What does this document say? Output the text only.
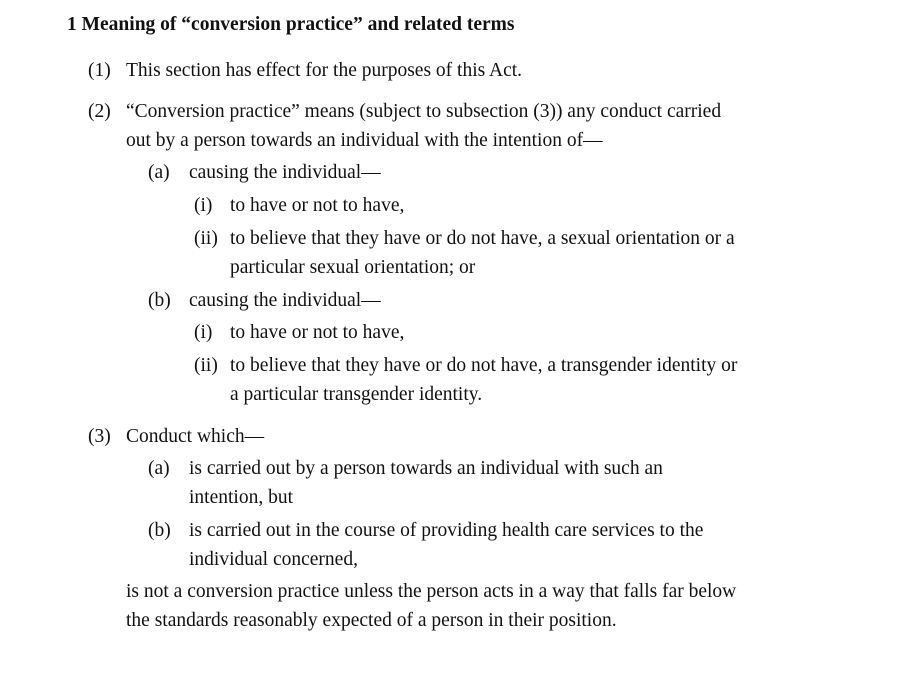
1 Meaning of “conversion practice” and related terms
(1) This section has effect for the purposes of this Act.
(2) “Conversion practice” means (subject to subsection (3)) any conduct carried
out by a person towards an individual with the intention of—
(a) causing the individual—
(i) to have or not to have,
(ii) to believe that they have or do not have, a sexual orientation or a
particular sexual orientation; or
(b) causing the individual—
(i) to have or not to have,
(ii) to believe that they have or do not have, a transgender identity or
a particular transgender identity.
(3) Conduct which—
(a) is carried out by a person towards an individual with such an
intention, but
(b) is carried out in the course of providing health care services to the
individual concerned,
is not a conversion practice unless the person acts in a way that falls far below
the standards reasonably expected of a person in their position.
